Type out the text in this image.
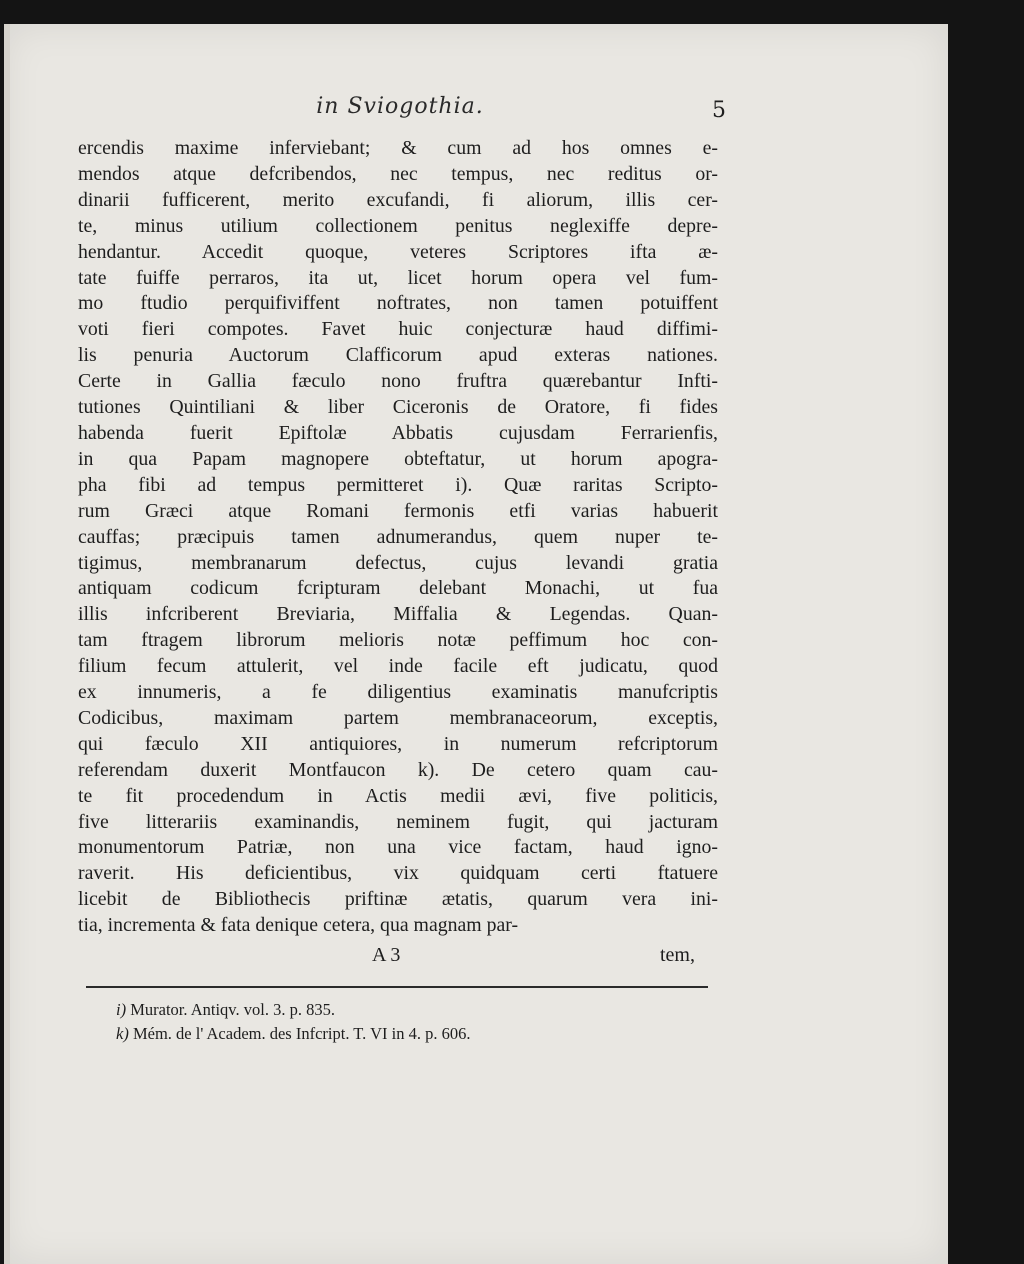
in Sviogothia.	5
ercendis maxime inferviebant; & cum ad hos omnes e-
mendos atque defcribendos, nec tempus, nec reditus or-
dinarii fufficerent, merito excufandi, fi aliorum, illis cer-
te, minus utilium collectionem penitus neglexiffe depre-
hendantur. Accedit quoque, veteres Scriptores ifta æ-
tate fuiffe perraros, ita ut, licet horum opera vel fum-
mo ftudio perquifiviffent noftrates, non tamen potuiffent
voti fieri compotes. Favet huic conjecturæ haud diffimi-
lis penuria Auctorum Clafficorum apud exteras nationes.
Certe in Gallia fæculo nono fruftra quærebantur Infti-
tutiones Quintiliani & liber Ciceronis de Oratore, fi fides
habenda fuerit Epiftolæ Abbatis cujusdam Ferrarienfis,
in qua Papam magnopere obteftatur, ut horum apogra-
pha fibi ad tempus permitteret i). Quæ raritas Scripto-
rum Græci atque Romani fermonis etfi varias habuerit
cauffas; præcipuis tamen adnumerandus, quem nuper te-
tigimus, membranarum defectus, cujus levandi gratia
antiquam codicum fcripturam delebant Monachi, ut fua
illis infcriberent Breviaria, Miffalia & Legendas. Quan-
tam ftragem librorum melioris notæ peffimum hoc con-
filium fecum attulerit, vel inde facile eft judicatu, quod
ex innumeris, a fe diligentius examinatis manufcriptis
Codicibus, maximam partem membranaceorum, exceptis,
qui fæculo XII antiquiores, in numerum refcriptorum
referendam duxerit Montfaucon k). De cetero quam cau-
te fit procedendum in Actis medii ævi, five politicis,
five litterariis examinandis, neminem fugit, qui jacturam
monumentorum Patriæ, non una vice factam, haud igno-
raverit. His deficientibus, vix quidquam certi ftatuere
licebit de Bibliothecis priftinæ ætatis, quarum vera ini-
tia, incrementa & fata denique cetera, qua magnam par-
A 3	tem,
i) Murator. Antiqv. vol. 3. p. 835.
k) Mém. de l' Academ. des Infcript. T. VI in 4. p. 606.
